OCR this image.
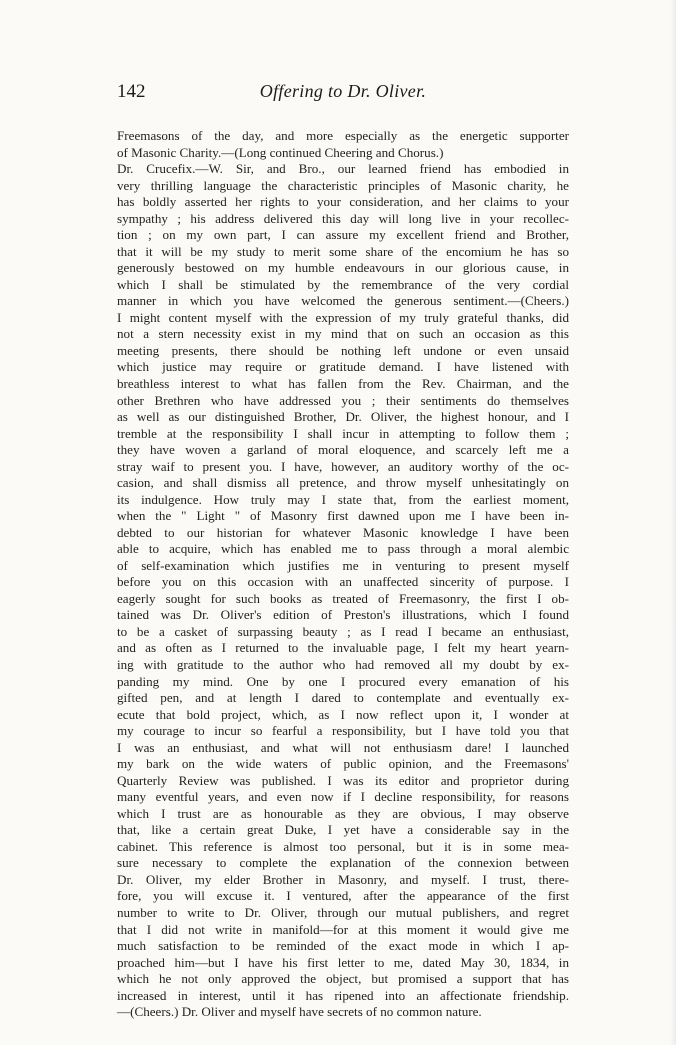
142	Offering to Dr. Oliver.
Freemasons of the day, and more especially as the energetic supporter
of Masonic Charity.—(Long continued Cheering and Chorus.)
Dr. Crucefix.—W. Sir, and Bro., our learned friend has embodied in
very thrilling language the characteristic principles of Masonic charity, he
has boldly asserted her rights to your consideration, and her claims to your
sympathy ; his address delivered this day will long live in your recollec-
tion ; on my own part, I can assure my excellent friend and Brother,
that it will be my study to merit some share of the encomium he has so
generously bestowed on my humble endeavours in our glorious cause, in
which I shall be stimulated by the remembrance of the very cordial
manner in which you have welcomed the generous sentiment.—(Cheers.)
I might content myself with the expression of my truly grateful thanks, did
not a stern necessity exist in my mind that on such an occasion as this
meeting presents, there should be nothing left undone or even unsaid
which justice may require or gratitude demand. I have listened with
breathless interest to what has fallen from the Rev. Chairman, and the
other Brethren who have addressed you ; their sentiments do themselves
as well as our distinguished Brother, Dr. Oliver, the highest honour, and I
tremble at the responsibility I shall incur in attempting to follow them ;
they have woven a garland of moral eloquence, and scarcely left me a
stray waif to present you. I have, however, an auditory worthy of the oc-
casion, and shall dismiss all pretence, and throw myself unhesitatingly on
its indulgence. How truly may I state that, from the earliest moment,
when the " Light " of Masonry first dawned upon me I have been in-
debted to our historian for whatever Masonic knowledge I have been
able to acquire, which has enabled me to pass through a moral alembic
of self-examination which justifies me in venturing to present myself
before you on this occasion with an unaffected sincerity of purpose. I
eagerly sought for such books as treated of Freemasonry, the first I ob-
tained was Dr. Oliver's edition of Preston's illustrations, which I found
to be a casket of surpassing beauty ; as I read I became an enthusiast,
and as often as I returned to the invaluable page, I felt my heart yearn-
ing with gratitude to the author who had removed all my doubt by ex-
panding my mind. One by one I procured every emanation of his
gifted pen, and at length I dared to contemplate and eventually ex-
ecute that bold project, which, as I now reflect upon it, I wonder at
my courage to incur so fearful a responsibility, but I have told you that
I was an enthusiast, and what will not enthusiasm dare! I launched
my bark on the wide waters of public opinion, and the Freemasons'
Quarterly Review was published. I was its editor and proprietor during
many eventful years, and even now if I decline responsibility, for reasons
which I trust are as honourable as they are obvious, I may observe
that, like a certain great Duke, I yet have a considerable say in the
cabinet. This reference is almost too personal, but it is in some mea-
sure necessary to complete the explanation of the connexion between
Dr. Oliver, my elder Brother in Masonry, and myself. I trust, there-
fore, you will excuse it. I ventured, after the appearance of the first
number to write to Dr. Oliver, through our mutual publishers, and regret
that I did not write in manifold—for at this moment it would give me
much satisfaction to be reminded of the exact mode in which I ap-
proached him—but I have his first letter to me, dated May 30, 1834, in
which he not only approved the object, but promised a support that has
increased in interest, until it has ripened into an affectionate friendship.
—(Cheers.) Dr. Oliver and myself have secrets of no common nature.
